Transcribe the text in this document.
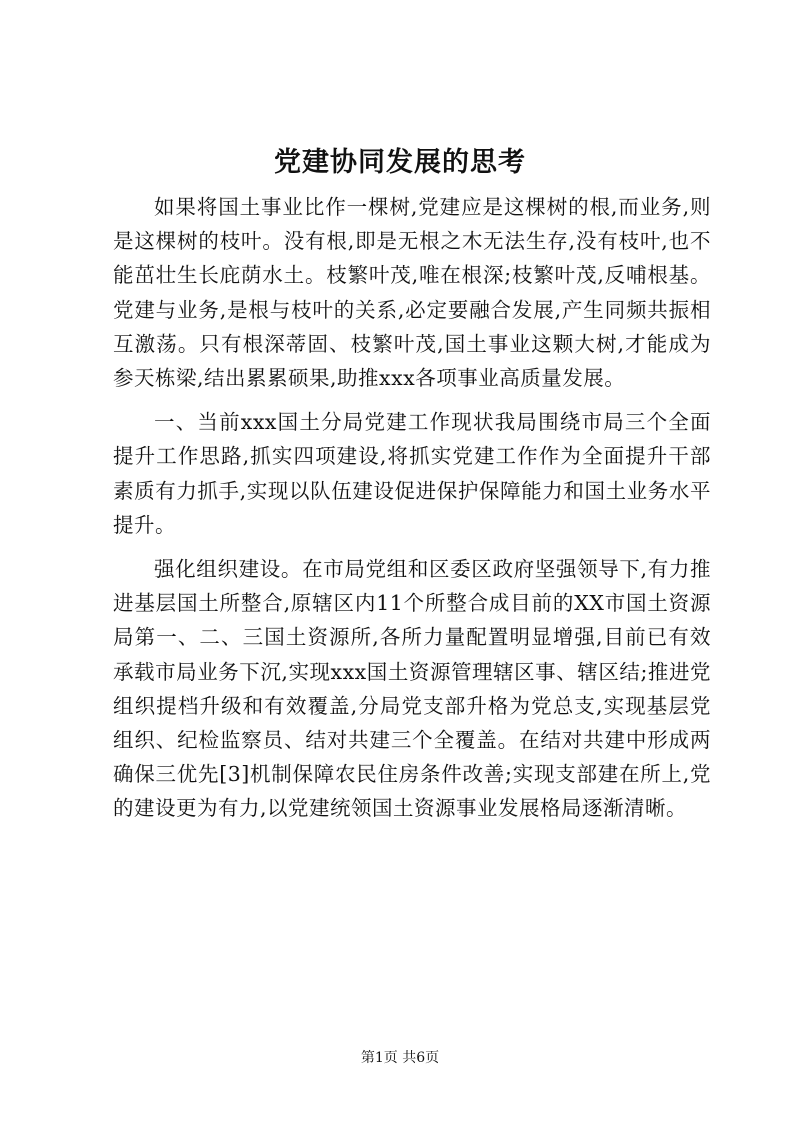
党建协同发展的思考

如果将国土事业比作一棵树,党建应是这棵树的根,而业务,则是这棵树的枝叶。没有根,即是无根之木无法生存,没有枝叶,也不能茁壮生长庇荫水土。枝繁叶茂,唯在根深;枝繁叶茂,反哺根基。党建与业务,是根与枝叶的关系,必定要融合发展,产生同频共振相互激荡。只有根深蒂固、枝繁叶茂,国土事业这颗大树,才能成为参天栋梁,结出累累硕果,助推xxx各项事业高质量发展。

一、当前xxx国土分局党建工作现状我局围绕市局三个全面提升工作思路,抓实四项建设,将抓实党建工作作为全面提升干部素质有力抓手,实现以队伍建设促进保护保障能力和国土业务水平提升。

强化组织建设。在市局党组和区委区政府坚强领导下,有力推进基层国土所整合,原辖区内11个所整合成目前的XX市国土资源局第一、二、三国土资源所,各所力量配置明显增强,目前已有效承载市局业务下沉,实现xxx国土资源管理辖区事、辖区结;推进党组织提档升级和有效覆盖,分局党支部升格为党总支,实现基层党组织、纪检监察员、结对共建三个全覆盖。在结对共建中形成两确保三优先[3]机制保障农民住房条件改善;实现支部建在所上,党的建设更为有力,以党建统领国土资源事业发展格局逐渐清晰。

第1页 共6页
